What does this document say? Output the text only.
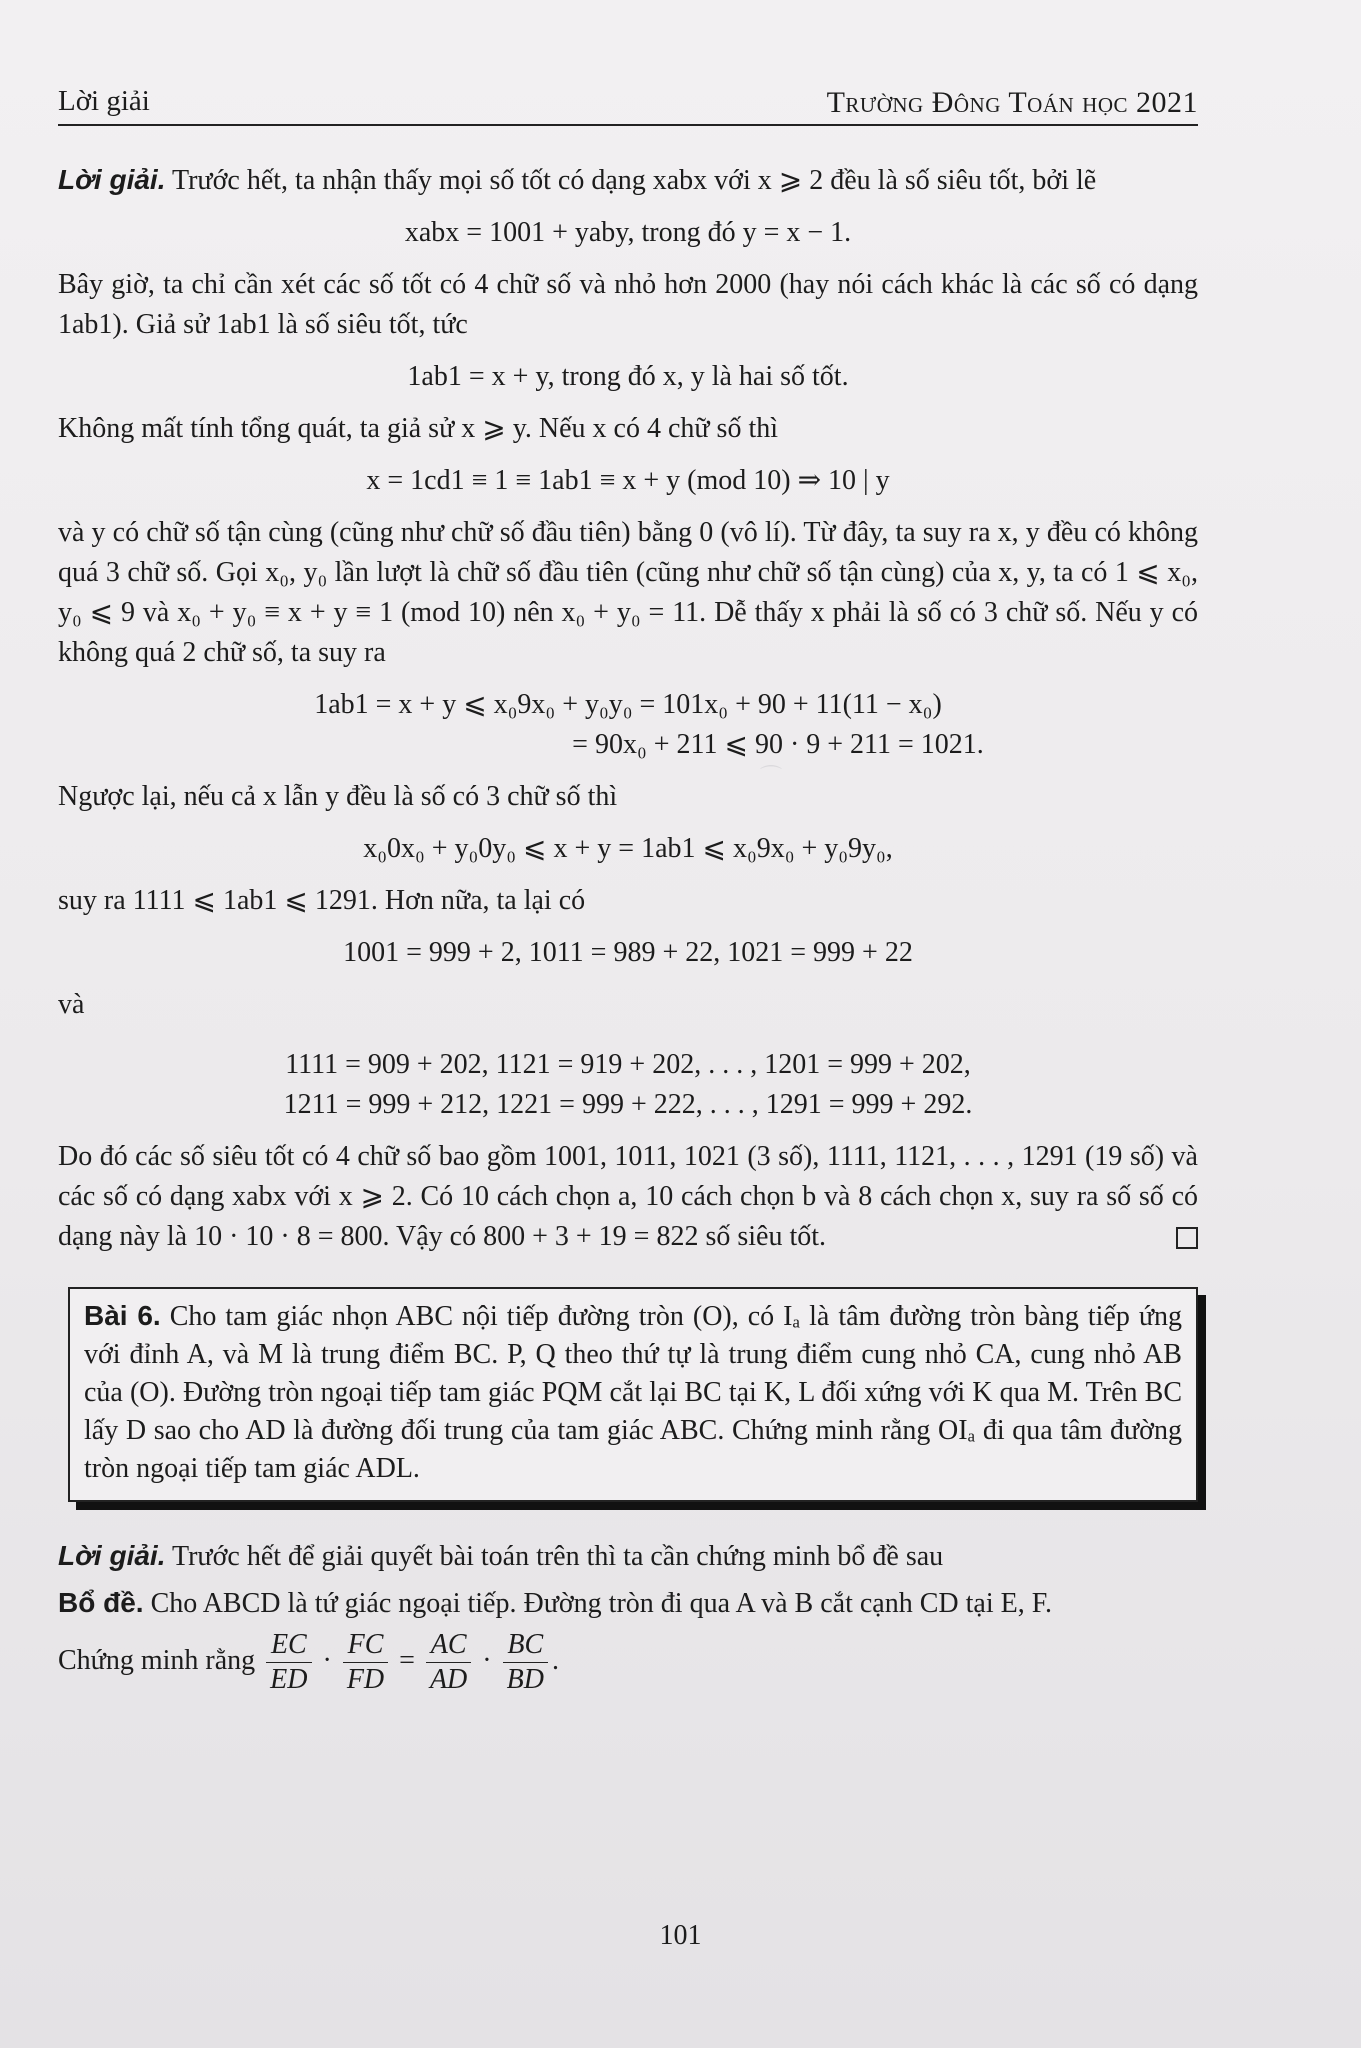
⌒
Lời giải	Trường Đông Toán học 2021

Lời giải. Trước hết, ta nhận thấy mọi số tốt có dạng xabx với x ⩾ 2 đều là số siêu tốt, bởi lẽ

xabx = 1001 + yaby, trong đó y = x − 1.

Bây giờ, ta chỉ cần xét các số tốt có 4 chữ số và nhỏ hơn 2000 (hay nói cách khác là các số có dạng 1ab1). Giả sử 1ab1 là số siêu tốt, tức

1ab1 = x + y, trong đó x, y là hai số tốt.

Không mất tính tổng quát, ta giả sử x ⩾ y. Nếu x có 4 chữ số thì

x = 1cd1 ≡ 1 ≡ 1ab1 ≡ x + y (mod 10) ⇒ 10 | y

và y có chữ số tận cùng (cũng như chữ số đầu tiên) bằng 0 (vô lí). Từ đây, ta suy ra x, y đều có không quá 3 chữ số. Gọi x₀, y₀ lần lượt là chữ số đầu tiên (cũng như chữ số tận cùng) của x, y, ta có 1 ⩽ x₀, y₀ ⩽ 9 và x₀ + y₀ ≡ x + y ≡ 1 (mod 10) nên x₀ + y₀ = 11. Dễ thấy x phải là số có 3 chữ số. Nếu y có không quá 2 chữ số, ta suy ra

1ab1 = x + y ⩽ x₀9x₀ + y₀y₀ = 101x₀ + 90 + 11(11 − x₀)
= 90x₀ + 211 ⩽ 90 · 9 + 211 = 1021.

Ngược lại, nếu cả x lẫn y đều là số có 3 chữ số thì

x₀0x₀ + y₀0y₀ ⩽ x + y = 1ab1 ⩽ x₀9x₀ + y₀9y₀,

suy ra 1111 ⩽ 1ab1 ⩽ 1291. Hơn nữa, ta lại có

1001 = 999 + 2, 1011 = 989 + 22, 1021 = 999 + 22

và

1111 = 909 + 202, 1121 = 919 + 202, . . . , 1201 = 999 + 202,
1211 = 999 + 212, 1221 = 999 + 222, . . . , 1291 = 999 + 292.

Do đó các số siêu tốt có 4 chữ số bao gồm 1001, 1011, 1021 (3 số), 1111, 1121, . . . , 1291 (19 số) và các số có dạng xabx với x ⩾ 2. Có 10 cách chọn a, 10 cách chọn b và 8 cách chọn x, suy ra số số có dạng này là 10 · 10 · 8 = 800. Vậy có 800 + 3 + 19 = 822 số siêu tốt.

Bài 6. Cho tam giác nhọn ABC nội tiếp đường tròn (O), có Iₐ là tâm đường tròn bàng tiếp ứng với đỉnh A, và M là trung điểm BC. P, Q theo thứ tự là trung điểm cung nhỏ CA, cung nhỏ AB của (O). Đường tròn ngoại tiếp tam giác PQM cắt lại BC tại K, L đối xứng với K qua M. Trên BC lấy D sao cho AD là đường đối trung của tam giác ABC. Chứng minh rằng OIₐ đi qua tâm đường tròn ngoại tiếp tam giác ADL.

Lời giải. Trước hết để giải quyết bài toán trên thì ta cần chứng minh bổ đề sau

Bổ đề. Cho ABCD là tứ giác ngoại tiếp. Đường tròn đi qua A và B cắt cạnh CD tại E, F.

Chứng minh rằng $\frac{EC}{ED} \cdot \frac{FC}{FD} = \frac{AC}{AD} \cdot \frac{BC}{BD}$ .

101
